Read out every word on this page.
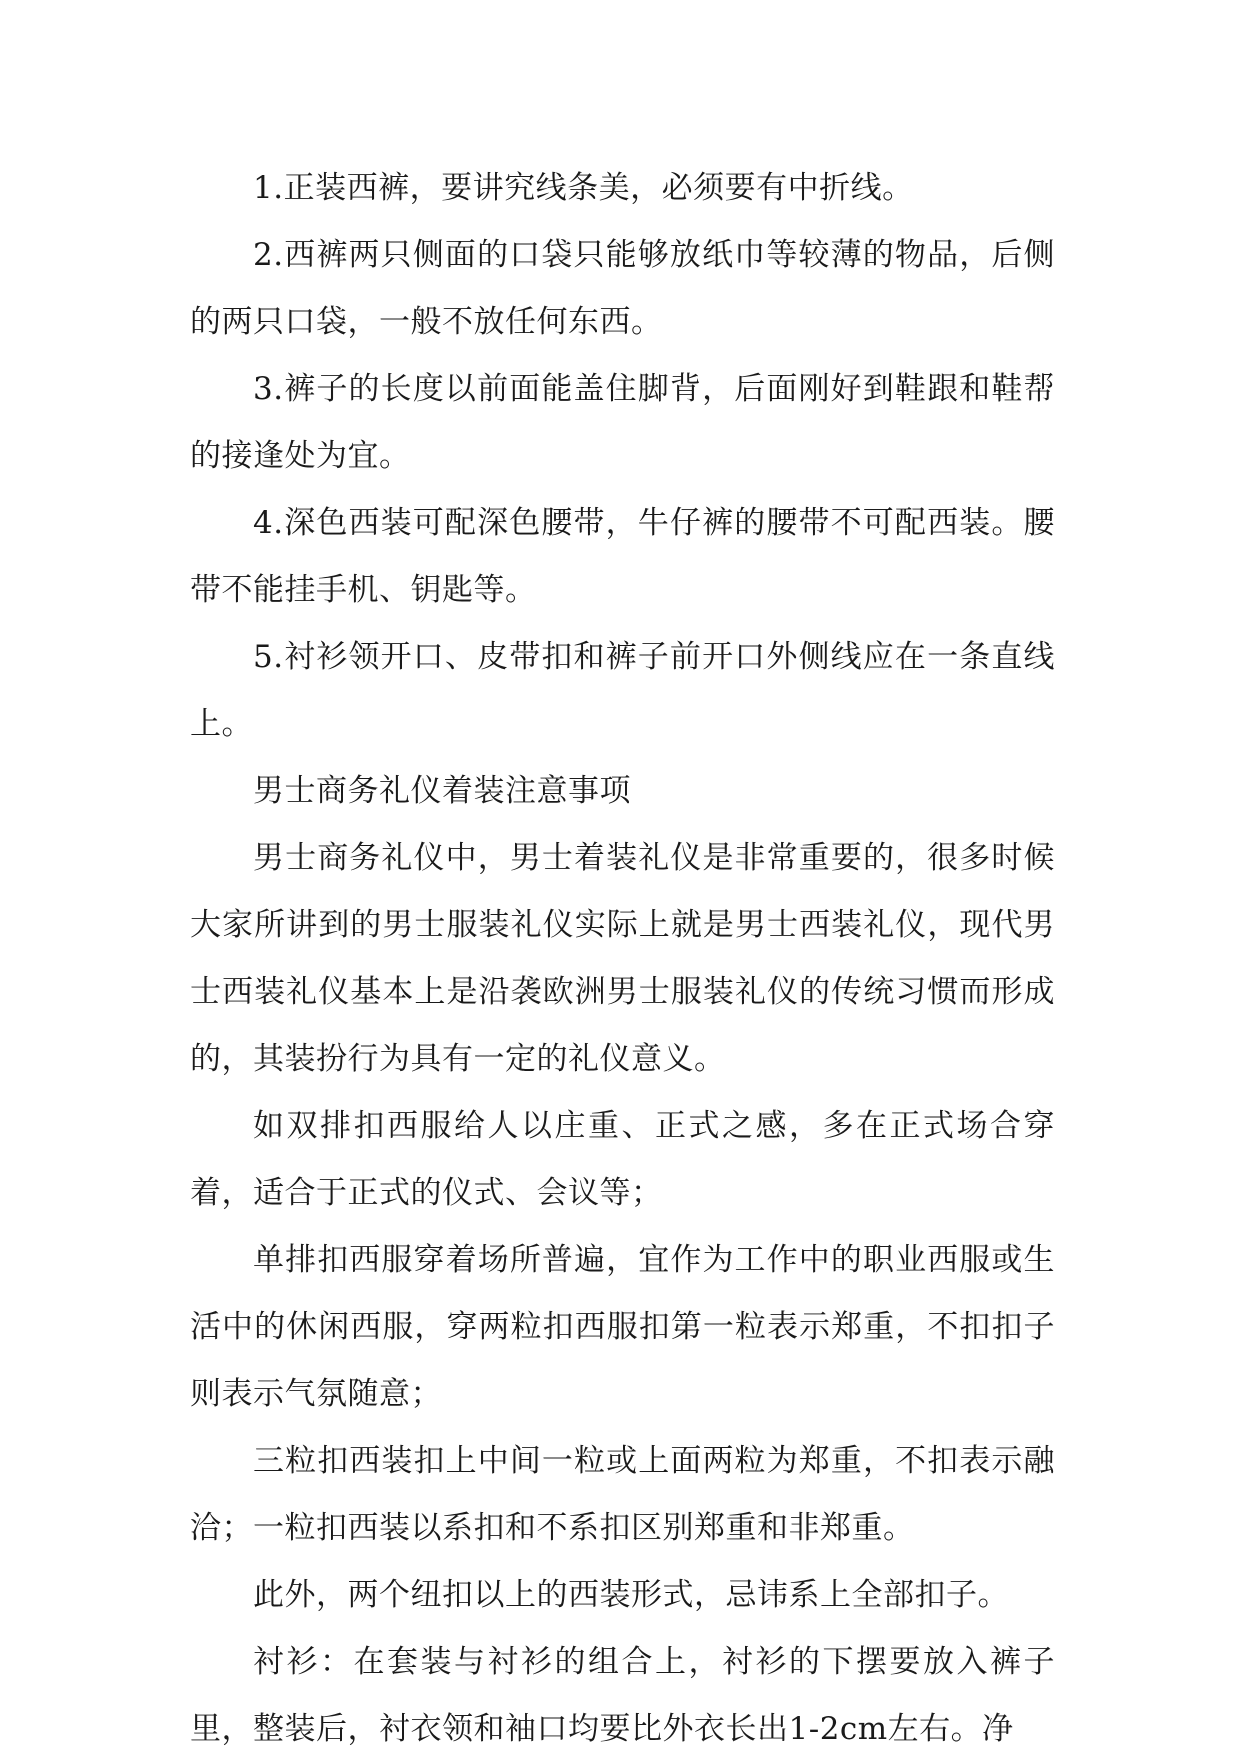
1.正装西裤，要讲究线条美，必须要有中折线。

2.西裤两只侧面的口袋只能够放纸巾等较薄的物品，后侧的两只口袋，一般不放任何东西。

3.裤子的长度以前面能盖住脚背，后面刚好到鞋跟和鞋帮的接逢处为宜。

4.深色西装可配深色腰带，牛仔裤的腰带不可配西装。腰带不能挂手机、钥匙等。

5.衬衫领开口、皮带扣和裤子前开口外侧线应在一条直线上。

男士商务礼仪着装注意事项

男士商务礼仪中，男士着装礼仪是非常重要的，很多时候大家所讲到的男士服装礼仪实际上就是男士西装礼仪，现代男士西装礼仪基本上是沿袭欧洲男士服装礼仪的传统习惯而形成的，其装扮行为具有一定的礼仪意义。

如双排扣西服给人以庄重、正式之感，多在正式场合穿着，适合于正式的仪式、会议等；

单排扣西服穿着场所普遍，宜作为工作中的职业西服或生活中的休闲西服，穿两粒扣西服扣第一粒表示郑重，不扣扣子则表示气氛随意；

三粒扣西装扣上中间一粒或上面两粒为郑重，不扣表示融洽；一粒扣西装以系扣和不系扣区别郑重和非郑重。

此外，两个纽扣以上的西装形式，忌讳系上全部扣子。

衬衫：在套装与衬衫的组合上，衬衫的下摆要放入裤子里，整装后，衬衣领和袖口均要比外衣长出1-2cm左右。净
